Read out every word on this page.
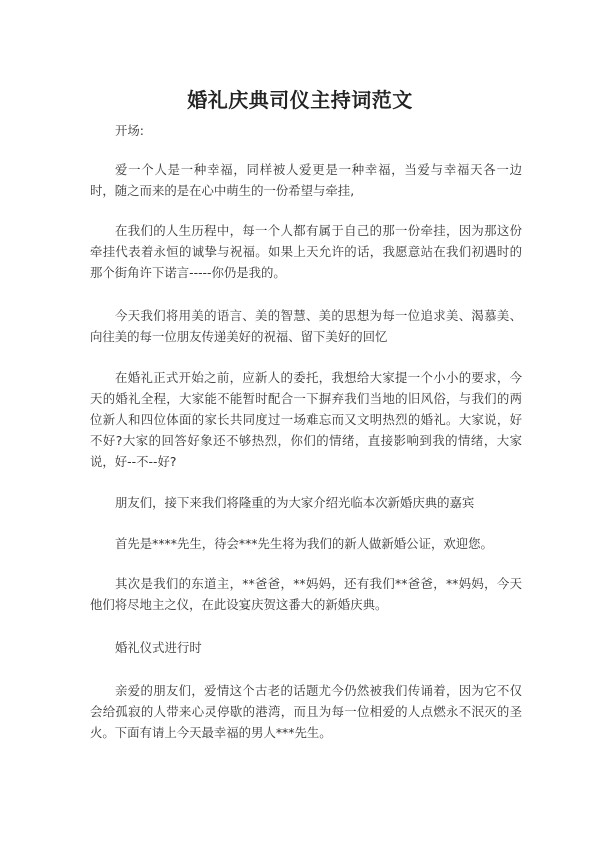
婚礼庆典司仪主持词范文

开场:

爱一个人是一种幸福，同样被人爱更是一种幸福，当爱与幸福天各一边时，随之而来的是在心中萌生的一份希望与牵挂,

在我们的人生历程中，每一个人都有属于自己的那一份牵挂，因为那这份牵挂代表着永恒的诚挚与祝福。如果上天允许的话，我愿意站在我们初遇时的那个街角许下诺言-----你仍是我的。

今天我们将用美的语言、美的智慧、美的思想为每一位追求美、渴慕美、向往美的每一位朋友传递美好的祝福、留下美好的回忆

在婚礼正式开始之前，应新人的委托，我想给大家提一个小小的要求，今天的婚礼全程，大家能不能暂时配合一下摒弃我们当地的旧风俗，与我们的两位新人和四位体面的家长共同度过一场难忘而又文明热烈的婚礼。大家说，好不好?大家的回答好象还不够热烈，你们的情绪，直接影响到我的情绪，大家说，好--不--好?

朋友们，接下来我们将隆重的为大家介绍光临本次新婚庆典的嘉宾

首先是****先生，待会***先生将为我们的新人做新婚公证，欢迎您。

其次是我们的东道主，**爸爸，**妈妈，还有我们**爸爸，**妈妈，今天他们将尽地主之仪，在此设宴庆贺这番大的新婚庆典。

婚礼仪式进行时

亲爱的朋友们，爱情这个古老的话题尤今仍然被我们传诵着，因为它不仅会给孤寂的人带来心灵停歇的港湾，而且为每一位相爱的人点燃永不泯灭的圣火。下面有请上今天最幸福的男人***先生。
